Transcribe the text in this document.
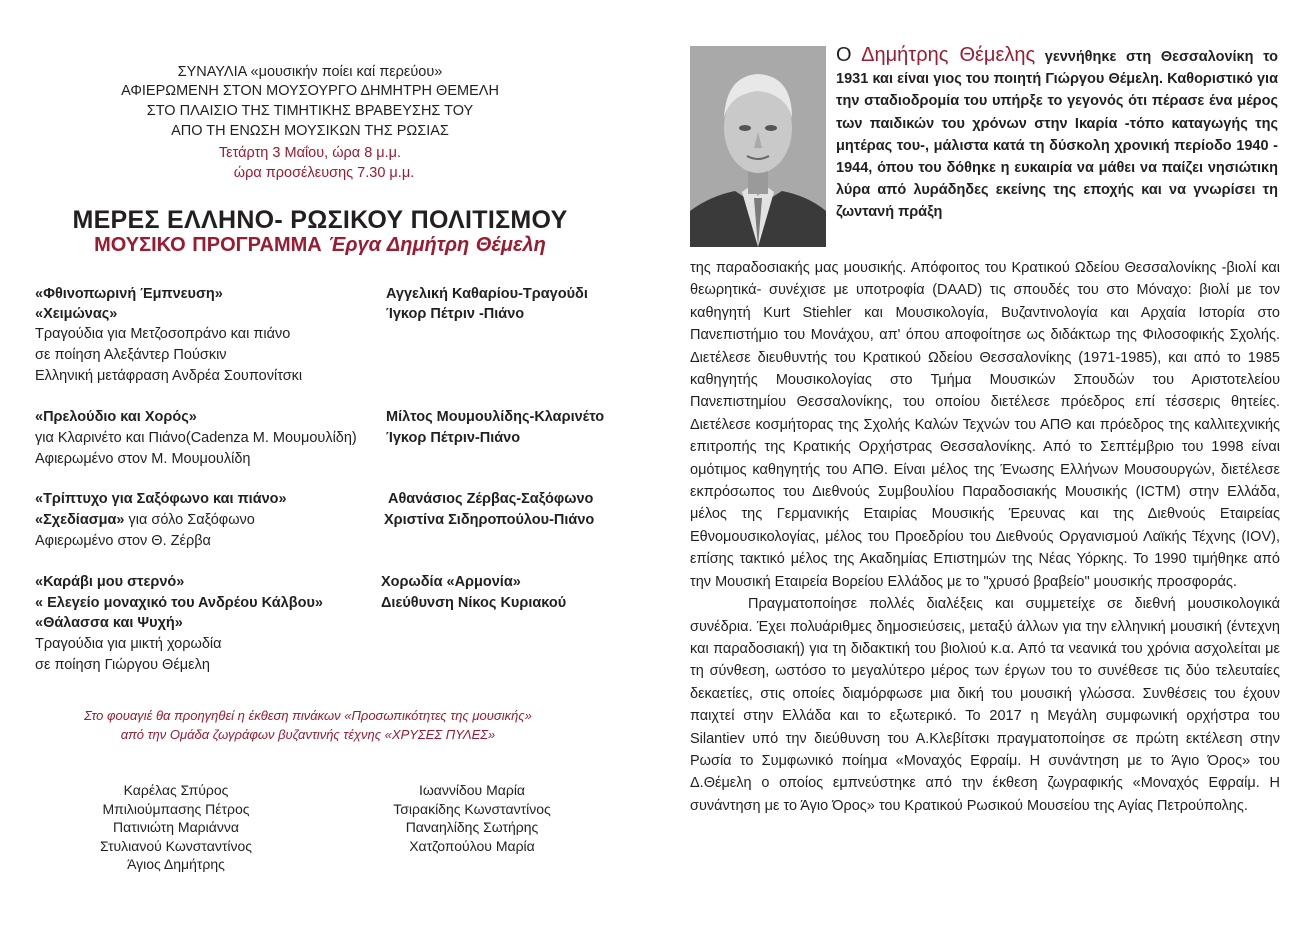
ΣΥΝΑΥΛΙΑ «μουσικήν ποίει καί περεύου»
ΑΦΙΕΡΩΜΕΝΗ ΣΤΟΝ ΜΟΥΣΟΥΡΓΟ ΔΗΜΗΤΡΗ ΘΕΜΕΛΗ
ΣΤΟ ΠΛΑΙΣΙΟ ΤΗΣ ΤΙΜΗΤΙΚΗΣ ΒΡΑΒΕΥΣΗΣ ΤΟΥ
ΑΠΟ ΤΗ ΕΝΩΣΗ ΜΟΥΣΙΚΩΝ ΤΗΣ ΡΩΣΙΑΣ
Τετάρτη 3 Μαΐου, ώρα 8 μ.μ.
ώρα προσέλευσης 7.30 μ.μ.
ΜΕΡΕΣ ΕΛΛΗΝΟ- ΡΩΣΙΚΟΥ ΠΟΛΙΤΙΣΜΟΥ
ΜΟΥΣΙΚΟ ΠΡΟΓΡΑΜΜΑ Έργα Δημήτρη Θέμελη
«Φθινοπωρινή Έμπνευση»
«Χειμώνας»
Τραγούδια για Μετζοσοπράνο και πιάνο
σε ποίηση Αλεξάντερ Πούσκιν
Ελληνική μετάφραση Ανδρέα Σουπονίτσκι
Αγγελική Καθαρίου-Τραγούδι
Ίγκορ Πέτριν -Πιάνο
«Πρελούδιο και Χορός»
για Κλαρινέτο και Πιάνο(Cadenza Μ. Μουμουλίδη)
Αφιερωμένο στον Μ. Μουμουλίδη
Μίλτος Μουμουλίδης-Κλαρινέτο
Ίγκορ Πέτριν-Πιάνο
«Τρίπτυχο για Σαξόφωνο και πιάνο»
«Σχεδίασμα» για σόλο Σαξόφωνο
Αφιερωμένο στον Θ. Ζέρβα
Αθανάσιος Ζέρβας-Σαξόφωνο
Χριστίνα Σιδηροπούλου-Πιάνο
«Καράβι μου στερνό»
« Ελεγείο μοναχικό του Ανδρέου Κάλβου»
«Θάλασσα και Ψυχή»
Τραγούδια για μικτή χορωδία
σε ποίηση Γιώργου Θέμελη
Χορωδία «Αρμονία»
Διεύθυνση Νίκος Κυριακού
Στο φουαγιέ θα προηγηθεί η έκθεση πινάκων «Προσωπικότητες της μουσικής»
από την Ομάδα ζωγράφων βυζαντινής τέχνης «ΧΡΥΣΕΣ ΠΥΛΕΣ»
Καρέλας Σπύρος
Μπιλιούμπασης Πέτρος
Πατινιώτη Μαριάννα
Στυλιανού Κωνσταντίνος
Άγιος Δημήτρης
Ιωαννίδου Μαρία
Τσιρακίδης Κωνσταντίνος
Παναηλίδης Σωτήρης
Χατζοπούλου Μαρία
Ο Δημήτρης Θέμελης γεννήθηκε στη Θεσσαλονίκη το 1931 και είναι γιος του ποιητή Γιώργου Θέμελη. Καθοριστικό για την σταδιοδρομία του υπήρξε το γεγονός ότι πέρασε ένα μέρος των παιδικών του χρόνων στην Ικαρία -τόπο καταγωγής της μητέρας του-, μάλιστα κατά τη δύσκολη χρονική περίοδο 1940 - 1944, όπου του δόθηκε η ευκαιρία να μάθει να παίζει νησιώτικη λύρα από λυράδηδες εκείνης της εποχής και να γνωρίσει τη ζωντανή πράξη

της παραδοσιακής μας μουσικής. Απόφοιτος του Κρατικού Ωδείου Θεσσαλονίκης -βιολί και θεωρητικά- συνέχισε με υποτροφία (DAAD) τις σπουδές του στο Μόναχο: βιολί με τον καθηγητή Kurt Stiehler και Μουσικολογία, Βυζαντινολογία και Αρχαία Ιστορία στο Πανεπιστήμιο του Μονάχου, απ' όπου αποφοίτησε ως διδάκτωρ της Φιλοσοφικής Σχολής. Διετέλεσε διευθυντής του Κρατικού Ωδείου Θεσσαλονίκης (1971-1985), και από το 1985 καθηγητής Μουσικολογίας στο Τμήμα Μουσικών Σπουδών του Αριστοτελείου Πανεπιστημίου Θεσσαλονίκης, του οποίου διετέλεσε πρόεδρος επί τέσσερις θητείες. Διετέλεσε κοσμήτορας της Σχολής Καλών Τεχνών του ΑΠΘ και πρόεδρος της καλλιτεχνικής επιτροπής της Κρατικής Ορχήστρας Θεσσαλονίκης. Από το Σεπτέμβριο του 1998 είναι ομότιμος καθηγητής του ΑΠΘ. Είναι μέλος της Ένωσης Ελλήνων Μουσουργών, διετέλεσε εκπρόσωπος του Διεθνούς Συμβουλίου Παραδοσιακής Μουσικής (ICTM) στην Ελλάδα, μέλος της Γερμανικής Εταιρίας Μουσικής Έρευνας και της Διεθνούς Εταιρείας Εθνομουσικολογίας, μέλος του Προεδρίου του Διεθνούς Οργανισμού Λαϊκής Τέχνης (IOV), επίσης τακτικό μέλος της Ακαδημίας Επιστημών της Νέας Υόρκης. Το 1990 τιμήθηκε από την Μουσική Εταιρεία Βορείου Ελλάδος με το "χρυσό βραβείο" μουσικής προσφοράς.

Πραγματοποίησε πολλές διαλέξεις και συμμετείχε σε διεθνή μουσικολογικά συνέδρια. Έχει πολυάριθμες δημοσιεύσεις, μεταξύ άλλων για την ελληνική μουσική (έντεχνη και παραδοσιακή) για τη διδακτική του βιολιού κ.α. Από τα νεανικά του χρόνια ασχολείται με τη σύνθεση, ωστόσο το μεγαλύτερο μέρος των έργων του το συνέθεσε τις δύο τελευταίες δεκαετίες, στις οποίες διαμόρφωσε μια δική του μουσική γλώσσα. Συνθέσεις του έχουν παιχτεί στην Ελλάδα και το εξωτερικό. Το 2017 η Μεγάλη συμφωνική ορχήστρα του Silantiev υπό την διεύθυνση του Α.Κλεβίτσκι πραγματοποίησε σε πρώτη εκτέλεση στην Ρωσία το Συμφωνικό ποίημα «Μοναχός Εφραίμ. Η συνάντηση με το Άγιο Όρος» του Δ.Θέμελη ο οποίος εμπνεύστηκε από την έκθεση ζωγραφικής «Μοναχός Εφραίμ. Η συνάντηση με το Άγιο Όρος» του Κρατικού Ρωσικού Μουσείου της Αγίας Πετρούπολης.
